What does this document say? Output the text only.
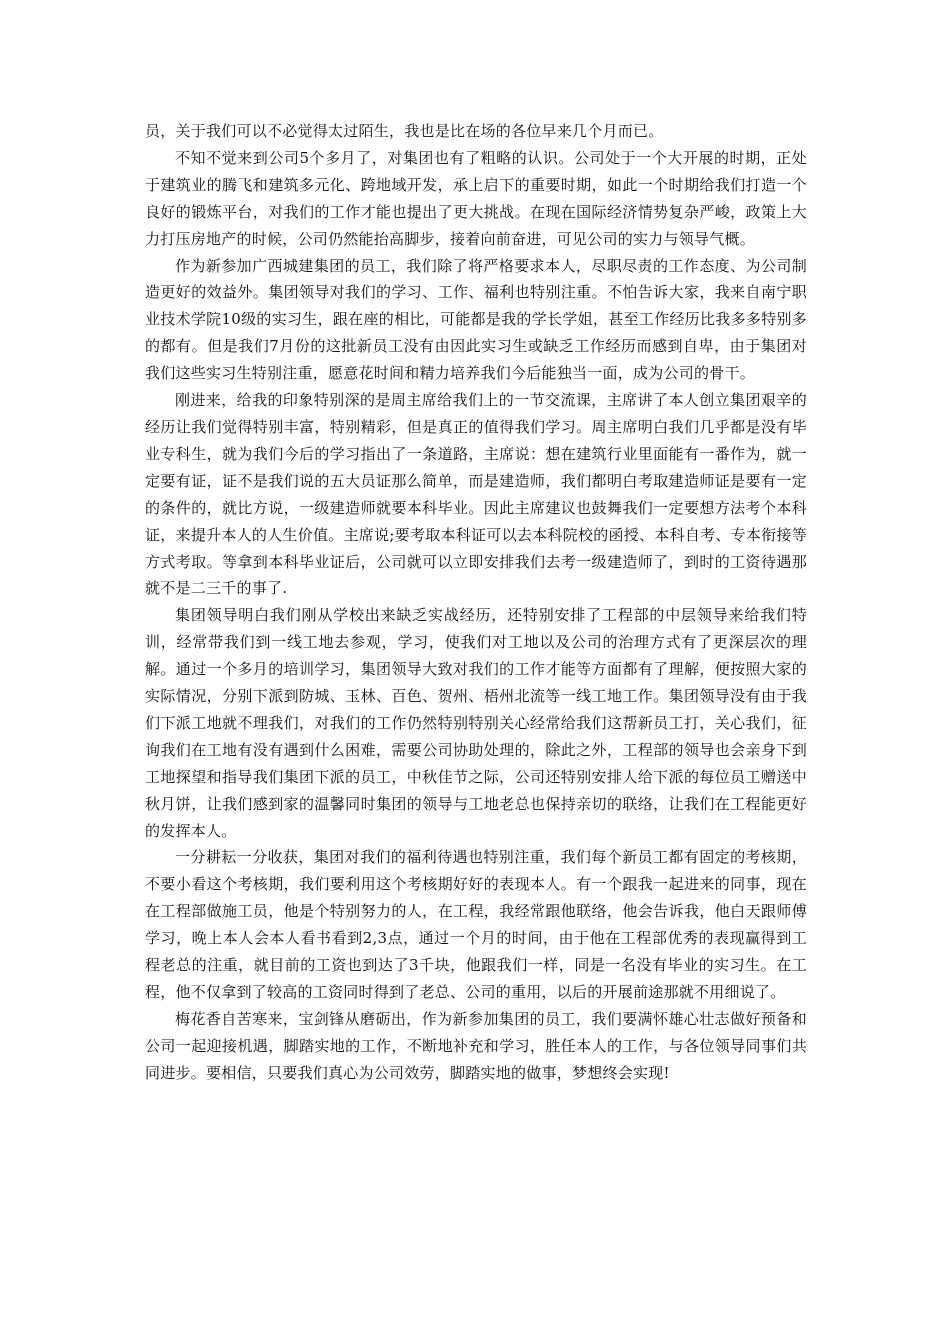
员，关于我们可以不必觉得太过陌生，我也是比在场的各位早来几个月而已。

不知不觉来到公司5个多月了，对集团也有了粗略的认识。公司处于一个大开展的时期，正处于建筑业的腾飞和建筑多元化、跨地域开发，承上启下的重要时期，如此一个时期给我们打造一个良好的锻炼平台，对我们的工作才能也提出了更大挑战。在现在国际经济情势复杂严峻，政策上大力打压房地产的时候，公司仍然能抬高脚步，接着向前奋进，可见公司的实力与领导气概。

作为新参加广西城建集团的员工，我们除了将严格要求本人，尽职尽责的工作态度、为公司制造更好的效益外。集团领导对我们的学习、工作、福利也特别注重。不怕告诉大家，我来自南宁职业技术学院10级的实习生，跟在座的相比，可能都是我的学长学姐，甚至工作经历比我多多特别多的都有。但是我们7月份的这批新员工没有由因此实习生或缺乏工作经历而感到自卑，由于集团对我们这些实习生特别注重，愿意花时间和精力培养我们今后能独当一面，成为公司的骨干。

刚进来，给我的印象特别深的是周主席给我们上的一节交流课，主席讲了本人创立集团艰辛的经历让我们觉得特别丰富，特别精彩，但是真正的值得我们学习。周主席明白我们几乎都是没有毕业专科生，就为我们今后的学习指出了一条道路，主席说：想在建筑行业里面能有一番作为，就一定要有证，证不是我们说的五大员证那么简单，而是建造师，我们都明白考取建造师证是要有一定的条件的，就比方说，一级建造师就要本科毕业。因此主席建议也鼓舞我们一定要想方法考个本科证，来提升本人的人生价值。主席说;要考取本科证可以去本科院校的函授、本科自考、专本衔接等方式考取。等拿到本科毕业证后，公司就可以立即安排我们去考一级建造师了，到时的工资待遇那就不是二三千的事了.

集团领导明白我们刚从学校出来缺乏实战经历，还特别安排了工程部的中层领导来给我们特训，经常带我们到一线工地去参观，学习，使我们对工地以及公司的治理方式有了更深层次的理解。通过一个多月的培训学习，集团领导大致对我们的工作才能等方面都有了理解，便按照大家的实际情况，分别下派到防城、玉林、百色、贺州、梧州北流等一线工地工作。集团领导没有由于我们下派工地就不理我们，对我们的工作仍然特别特别关心经常给我们这帮新员工打，关心我们，征询我们在工地有没有遇到什么困难，需要公司协助处理的，除此之外，工程部的领导也会亲身下到工地探望和指导我们集团下派的员工，中秋佳节之际，公司还特别安排人给下派的每位员工赠送中秋月饼，让我们感到家的温馨同时集团的领导与工地老总也保持亲切的联络，让我们在工程能更好的发挥本人。

一分耕耘一分收获，集团对我们的福利待遇也特别注重，我们每个新员工都有固定的考核期，不要小看这个考核期，我们要利用这个考核期好好的表现本人。有一个跟我一起进来的同事，现在在工程部做施工员，他是个特别努力的人，在工程，我经常跟他联络，他会告诉我，他白天跟师傅学习，晚上本人会本人看书看到2,3点，通过一个月的时间，由于他在工程部优秀的表现赢得到工程老总的注重，就目前的工资也到达了3千块，他跟我们一样，同是一名没有毕业的实习生。在工程，他不仅拿到了较高的工资同时得到了老总、公司的重用，以后的开展前途那就不用细说了。

梅花香自苦寒来，宝剑锋从磨砺出，作为新参加集团的员工，我们要满怀雄心壮志做好预备和公司一起迎接机遇，脚踏实地的工作，不断地补充和学习，胜任本人的工作，与各位领导同事们共同进步。要相信，只要我们真心为公司效劳，脚踏实地的做事，梦想终会实现!
